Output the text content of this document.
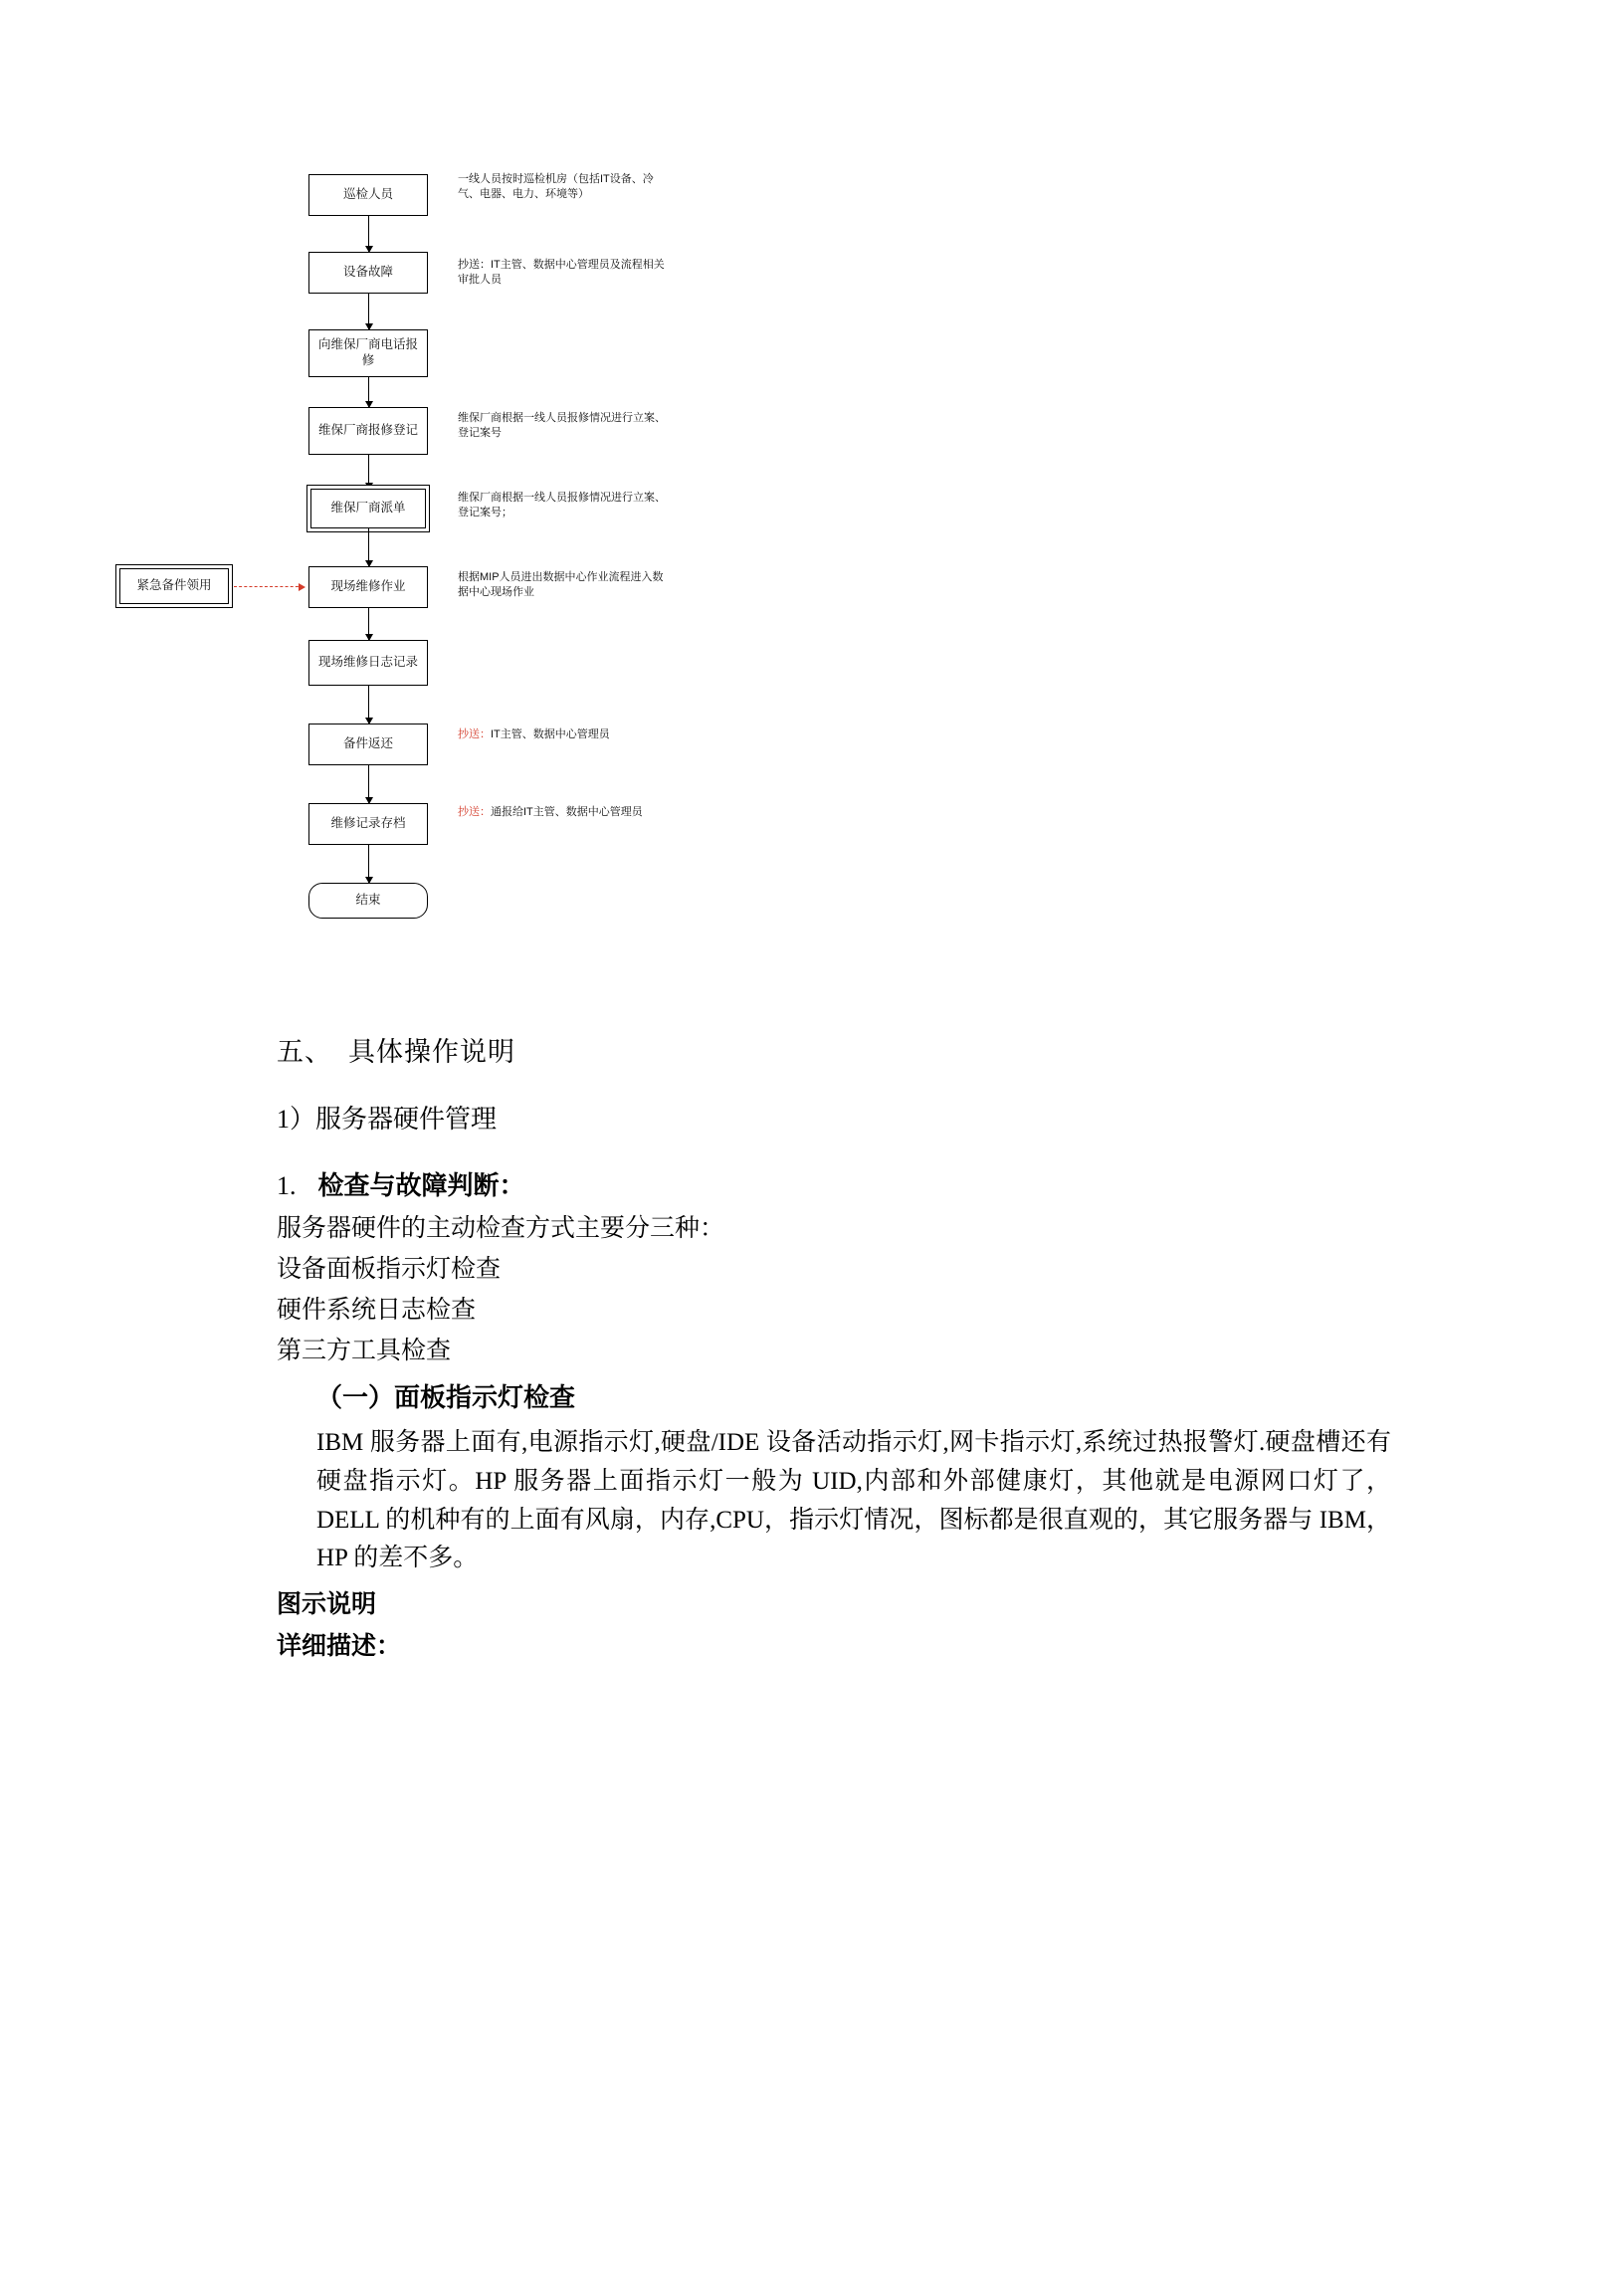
巡检人员
设备故障
向维保厂商电话报修
维保厂商报修登记
维保厂商派单
现场维修作业
现场维修日志记录
备件返还
维修记录存档
结束
紧急备件领用
一线人员按时巡检机房（包括IT设备、冷气、电器、电力、环境等）
抄送：IT主管、数据中心管理员及流程相关审批人员
维保厂商根据一线人员报修情况进行立案、登记案号
维保厂商根据一线人员报修情况进行立案、登记案号；
根据MIP人员进出数据中心作业流程进入数据中心现场作业
抄送：IT主管、数据中心管理员
抄送：通报给IT主管、数据中心管理员

五、 具体操作说明

1）服务器硬件管理

1. 检查与故障判断：

服务器硬件的主动检查方式主要分三种：

设备面板指示灯检查

硬件系统日志检查

第三方工具检查

（一）面板指示灯检查

IBM 服务器上面有,电源指示灯,硬盘/IDE 设备活动指示灯,网卡指示灯,系统过热报警灯.硬盘槽还有硬盘指示灯。HP 服务器上面指示灯一般为 UID,内部和外部健康灯，其他就是电源网口灯了，DELL 的机种有的上面有风扇，内存,CPU，指示灯情况，图标都是很直观的，其它服务器与 IBM，HP 的差不多。

图示说明

详细描述：
